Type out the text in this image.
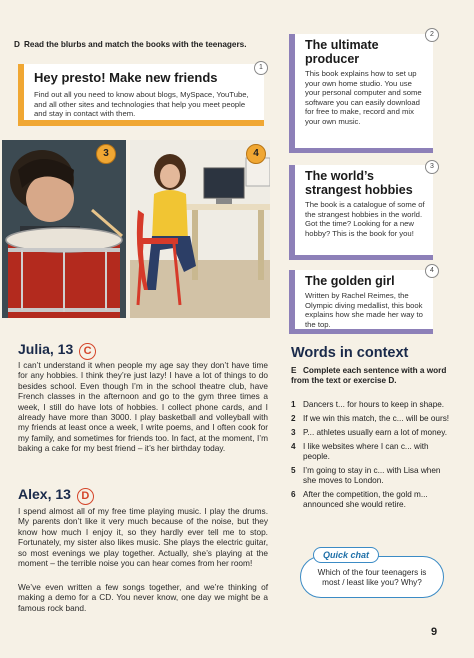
D Read the blurbs and match the books with the teenagers.
Hey presto! Make new friends
Find out all you need to know about blogs, MySpace, YouTube, and all other sites and technologies that help you meet people and stay in contact with them.
1
The ultimate producer
This book explains how to set up your own home studio. You use your personal computer and some software you can easily download for free to make, record and mix your own music.
2
The world’s strangest hobbies
The book is a catalogue of some of the strangest hobbies in the world. Got the time? Looking for a new hobby? This is the book for you!
3
The golden girl
Written by Rachel Reimes, the Olympic diving medallist, this book explains how she made her way to the top.
4
3	4
Julia, 13 C
I can’t understand it when people my age say they don’t have time for any hobbies. I think they’re just lazy! I have a lot of things to do besides school. Even though I’m in the school theatre club, have French classes in the afternoon and go to the gym three times a week, I still do have lots of hobbies. I collect phone cards, and I already have more than 3000. I play basketball and volleyball with my friends at least once a week, I write poems, and I often cook for my family, and sometimes for friends too. In fact, at the moment, I’m baking a cake for my best friend – it’s her birthday today.
Alex, 13 D
I spend almost all of my free time playing music. I play the drums. My parents don’t like it very much because of the noise, but they know how much I enjoy it, so they hardly ever tell me to stop. Fortunately, my sister also likes music. She plays the electric guitar, so most evenings we play together. Actually, she’s playing at the moment – the terrible noise you can hear comes from her room!
We’ve even written a few songs together, and we’re thinking of making a demo for a CD. You never know, one day we might be a famous rock band.
Words in context
E Complete each sentence with a word from the text or exercise D.
1 Dancers t... for hours to keep in shape.
2 If we win this match, the c... will be ours!
3 P... athletes usually earn a lot of money.
4 I like websites where I can c... with people.
5 I’m going to stay in c... with Lisa when she moves to London.
6 After the competition, the gold m... announced she would retire.
Which of the four teenagers is most / least like you? Why?
Quick chat
9
